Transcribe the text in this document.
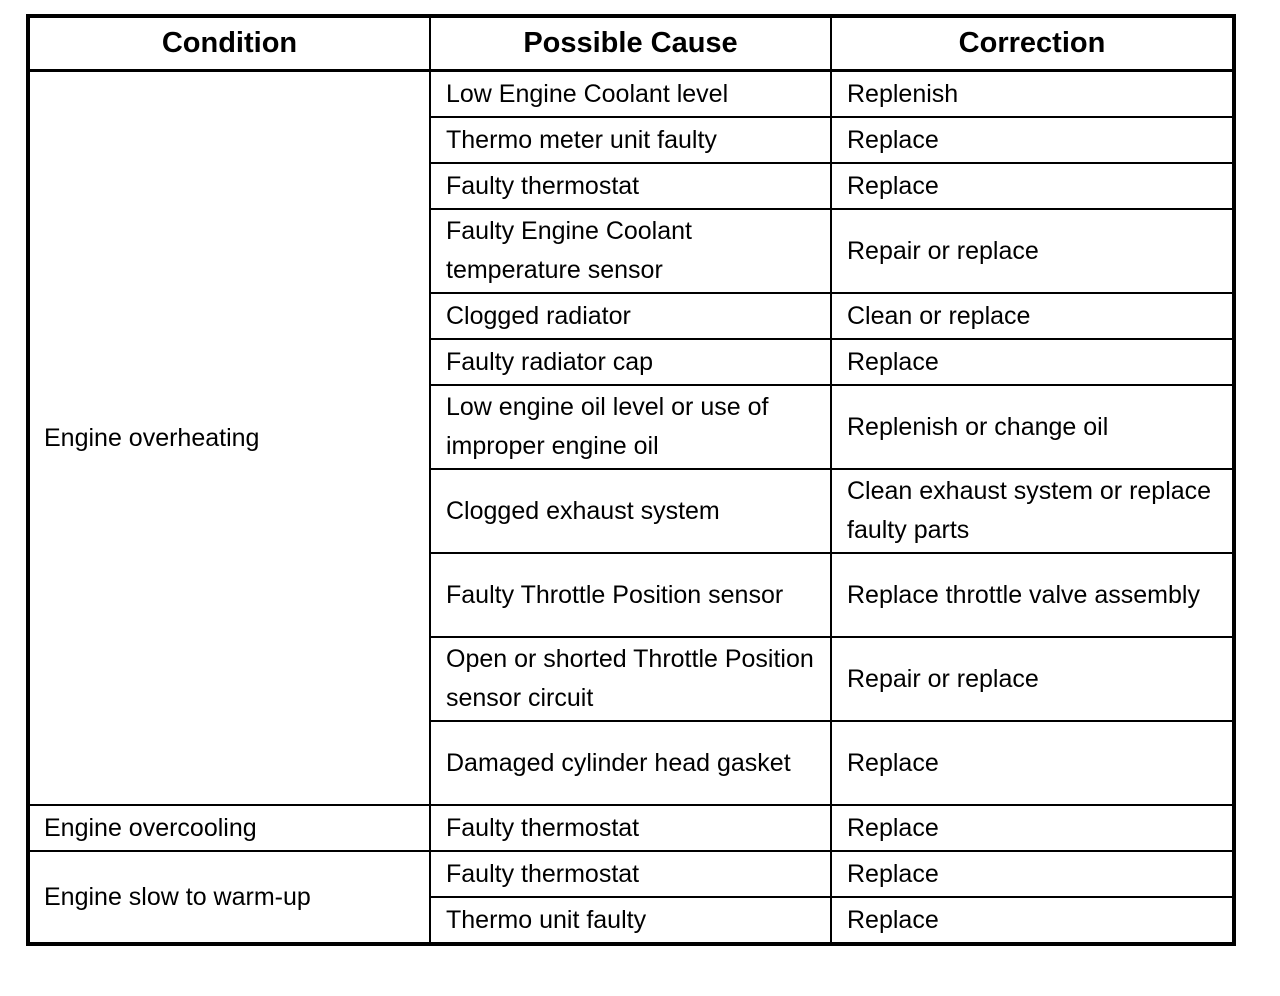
Condition	Possible Cause	Correction
Engine overheating	Low Engine Coolant level	Replenish
	Thermo meter unit faulty	Replace
	Faulty thermostat	Replace
	Faulty Engine Coolant temperature sensor	Repair or replace
	Clogged radiator	Clean or replace
	Faulty radiator cap	Replace
	Low engine oil level or use of improper engine oil	Replenish or change oil
	Clogged exhaust system	Clean exhaust system or replace faulty parts
	Faulty Throttle Position sensor	Replace throttle valve assembly
	Open or shorted Throttle Position sensor circuit	Repair or replace
	Damaged cylinder head gasket	Replace
Engine overcooling	Faulty thermostat	Replace
Engine slow to warm-up	Faulty thermostat	Replace
	Thermo unit faulty	Replace
